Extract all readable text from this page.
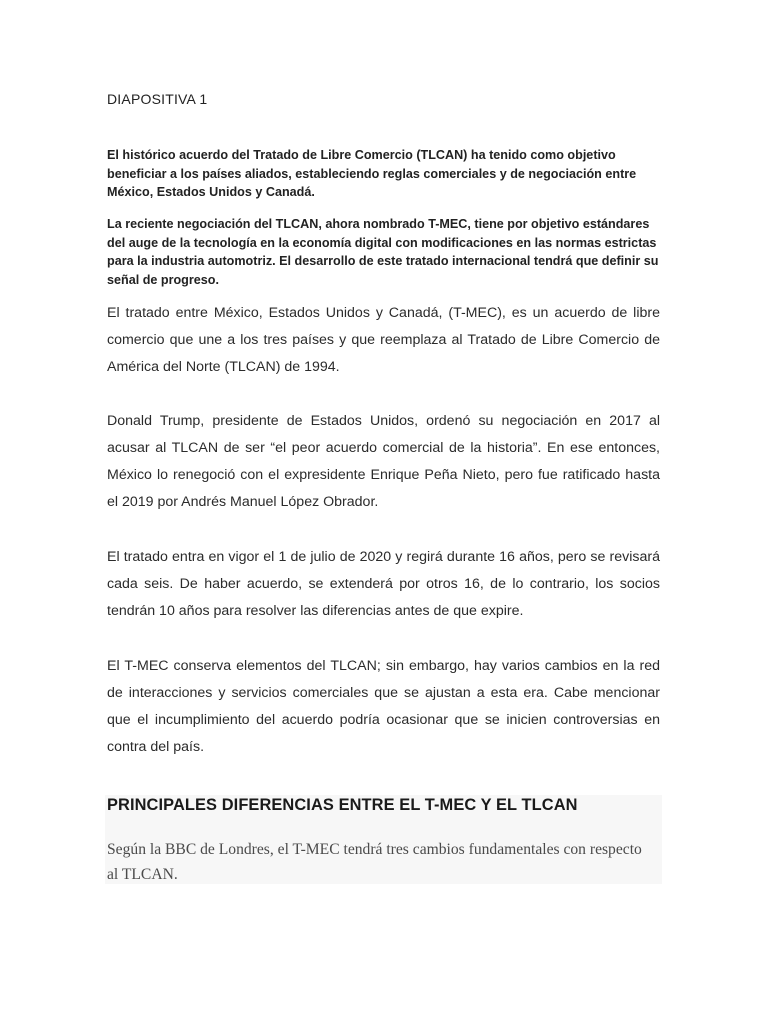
DIAPOSITIVA 1

El histórico acuerdo del Tratado de Libre Comercio (TLCAN) ha tenido como objetivo beneficiar a los países aliados, estableciendo reglas comerciales y de negociación entre México, Estados Unidos y Canadá.

La reciente negociación del TLCAN, ahora nombrado T-MEC, tiene por objetivo estándares del auge de la tecnología en la economía digital con modificaciones en las normas estrictas para la industria automotriz. El desarrollo de este tratado internacional tendrá que definir su señal de progreso.

El tratado entre México, Estados Unidos y Canadá, (T-MEC), es un acuerdo de libre comercio que une a los tres países y que reemplaza al Tratado de Libre Comercio de América del Norte (TLCAN) de 1994.

Donald Trump, presidente de Estados Unidos, ordenó su negociación en 2017 al acusar al TLCAN de ser “el peor acuerdo comercial de la historia”. En ese entonces, México lo renegoció con el expresidente Enrique Peña Nieto, pero fue ratificado hasta el 2019 por Andrés Manuel López Obrador.

El tratado entra en vigor el 1 de julio de 2020 y regirá durante 16 años, pero se revisará cada seis. De haber acuerdo, se extenderá por otros 16, de lo contrario, los socios tendrán 10 años para resolver las diferencias antes de que expire.

El T-MEC conserva elementos del TLCAN; sin embargo, hay varios cambios en la red de interacciones y servicios comerciales que se ajustan a esta era. Cabe mencionar que el incumplimiento del acuerdo podría ocasionar que se inicien controversias en contra del país.

PRINCIPALES DIFERENCIAS ENTRE EL T-MEC Y EL TLCAN

Según la BBC de Londres, el T-MEC tendrá tres cambios fundamentales con respecto al TLCAN.
